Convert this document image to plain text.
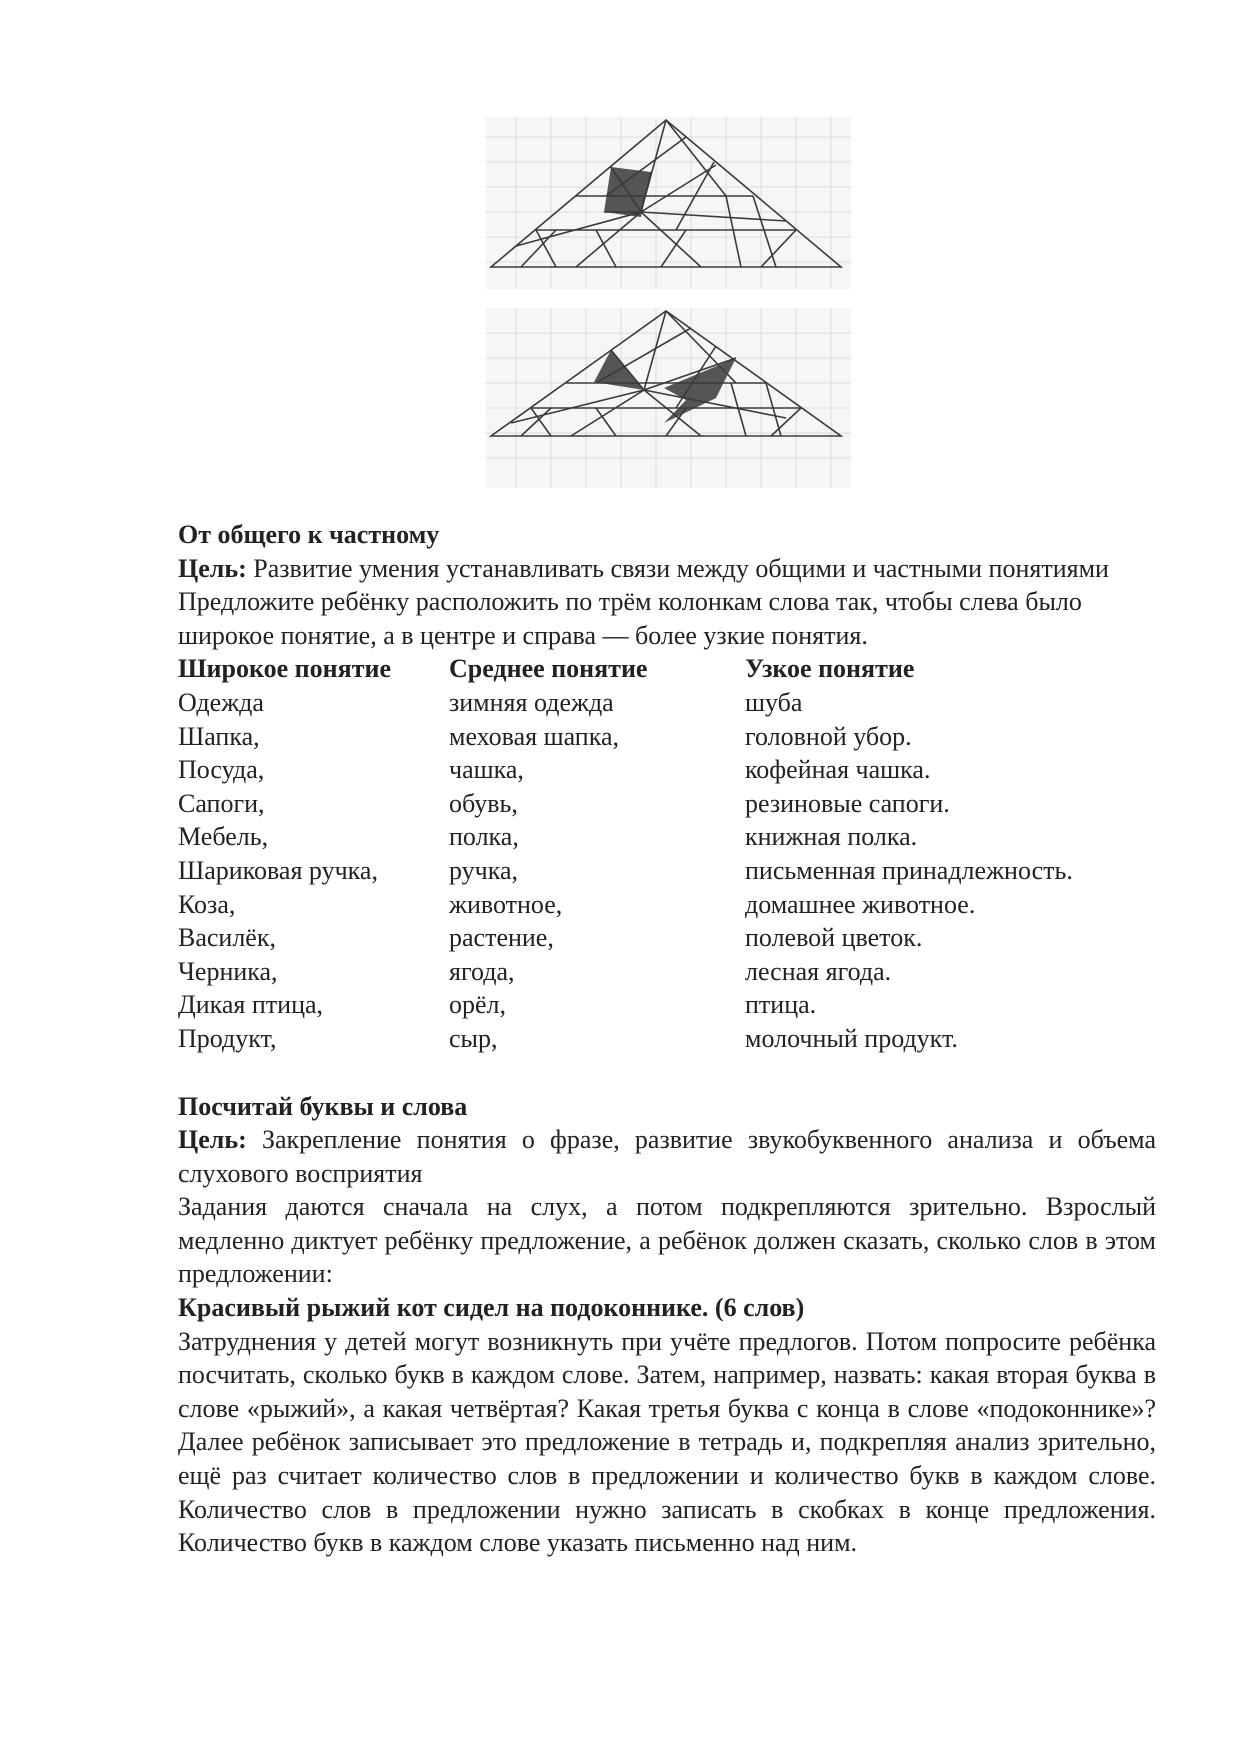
От общего к частному

Цель: Развитие умения устанавливать связи между общими и частными понятиями

Предложите ребёнку расположить по трём колонкам слова так, чтобы слева было широкое понятие, а в центре и справа — более узкие понятия.

Широкое понятие	Среднее понятие	Узкое понятие
Одежда	зимняя одежда	шуба
Шапка,	меховая шапка,	головной убор.
Посуда,	чашка,	кофейная чашка.
Сапоги,	обувь,	резиновые сапоги.
Мебель,	полка,	книжная полка.
Шариковая ручка,	ручка,	письменная принадлежность.
Коза,	животное,	домашнее животное.
Василёк,	растение,	полевой цветок.
Черника,	ягода,	лесная ягода.
Дикая птица,	орёл,	птица.
Продукт,	сыр,	молочный продукт.

Посчитай буквы и слова

Цель: Закрепление понятия о фразе, развитие звукобуквенного анализа и объема слухового восприятия

Задания даются сначала на слух, а потом подкрепляются зрительно. Взрослый медленно диктует ребёнку предложение, а ребёнок должен сказать, сколько слов в этом предложении:

Красивый рыжий кот сидел на подоконнике. (6 слов)

Затруднения у детей могут возникнуть при учёте предлогов. Потом попросите ребёнка посчитать, сколько букв в каждом слове. Затем, например, назвать: какая вторая буква в слове «рыжий», а какая четвёртая? Какая третья буква с конца в слове «подоконнике»? Далее ребёнок записывает это предложение в тетрадь и, подкрепляя анализ зрительно, ещё раз считает количество слов в предложении и количество букв в каждом слове. Количество слов в предложении нужно записать в скобках в конце предложения. Количество букв в каждом слове указать письменно над ним.
